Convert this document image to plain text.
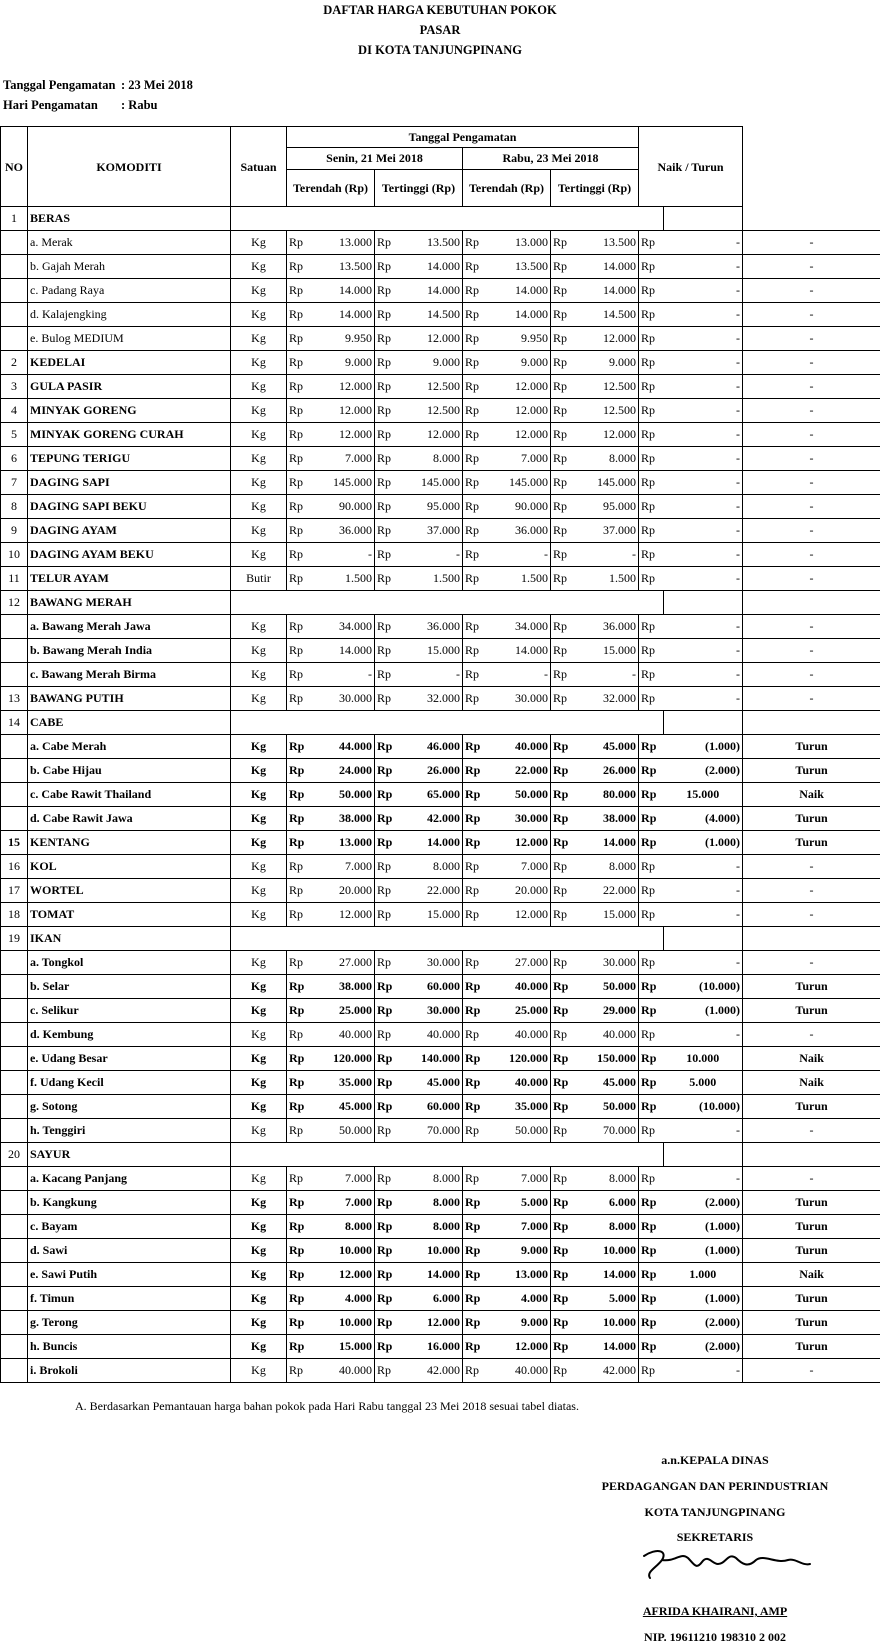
DAFTAR HARGA KEBUTUHAN POKOK
PASAR
DI KOTA TANJUNGPINANG
Tanggal Pengamatan : 23 Mei 2018
Hari Pengamatan : Rabu
NO	KOMODITI	Satuan	Tanggal Pengamatan								Naik / Turun	
			Senin, 21 Mei 2018				Rabu, 23 Mei 2018						
			Terendah (Rp)		Tertinggi (Rp)		Terendah (Rp)		Tertinggi (Rp)				
1	BERAS												
	a. Merak	Kg	Rp	13.000	Rp	13.500	Rp	13.000	Rp	13.500	Rp	-	-
	b. Gajah Merah	Kg	Rp	13.500	Rp	14.000	Rp	13.500	Rp	14.000	Rp	-	-
	c. Padang Raya	Kg	Rp	14.000	Rp	14.000	Rp	14.000	Rp	14.000	Rp	-	-
	d. Kalajengking	Kg	Rp	14.000	Rp	14.500	Rp	14.000	Rp	14.500	Rp	-	-
	e. Bulog MEDIUM	Kg	Rp	9.950	Rp	12.000	Rp	9.950	Rp	12.000	Rp	-	-
2	KEDELAI	Kg	Rp	9.000	Rp	9.000	Rp	9.000	Rp	9.000	Rp	-	-
3	GULA PASIR	Kg	Rp	12.000	Rp	12.500	Rp	12.000	Rp	12.500	Rp	-	-
4	MINYAK GORENG	Kg	Rp	12.000	Rp	12.500	Rp	12.000	Rp	12.500	Rp	-	-
5	MINYAK GORENG CURAH	Kg	Rp	12.000	Rp	12.000	Rp	12.000	Rp	12.000	Rp	-	-
6	TEPUNG TERIGU	Kg	Rp	7.000	Rp	8.000	Rp	7.000	Rp	8.000	Rp	-	-
7	DAGING SAPI	Kg	Rp	145.000	Rp	145.000	Rp	145.000	Rp	145.000	Rp	-	-
8	DAGING SAPI BEKU	Kg	Rp	90.000	Rp	95.000	Rp	90.000	Rp	95.000	Rp	-	-
9	DAGING AYAM	Kg	Rp	36.000	Rp	37.000	Rp	36.000	Rp	37.000	Rp	-	-
10	DAGING AYAM BEKU	Kg	Rp	-	Rp	-	Rp	-	Rp	-	Rp	-	-
11	TELUR AYAM	Butir	Rp	1.500	Rp	1.500	Rp	1.500	Rp	1.500	Rp	-	-
12	BAWANG MERAH												
	a. Bawang Merah Jawa	Kg	Rp	34.000	Rp	36.000	Rp	34.000	Rp	36.000	Rp	-	-
	b. Bawang Merah India	Kg	Rp	14.000	Rp	15.000	Rp	14.000	Rp	15.000	Rp	-	-
	c. Bawang Merah Birma	Kg	Rp	-	Rp	-	Rp	-	Rp	-	Rp	-	-
13	BAWANG PUTIH	Kg	Rp	30.000	Rp	32.000	Rp	30.000	Rp	32.000	Rp	-	-
14	CABE												
	a. Cabe Merah	Kg	Rp	44.000	Rp	46.000	Rp	40.000	Rp	45.000	Rp	(1.000)	Turun
	b. Cabe Hijau	Kg	Rp	24.000	Rp	26.000	Rp	22.000	Rp	26.000	Rp	(2.000)	Turun
	c. Cabe Rawit Thailand	Kg	Rp	50.000	Rp	65.000	Rp	50.000	Rp	80.000	Rp	15.000	Naik
	d. Cabe Rawit Jawa	Kg	Rp	38.000	Rp	42.000	Rp	30.000	Rp	38.000	Rp	(4.000)	Turun
15	KENTANG	Kg	Rp	13.000	Rp	14.000	Rp	12.000	Rp	14.000	Rp	(1.000)	Turun
16	KOL	Kg	Rp	7.000	Rp	8.000	Rp	7.000	Rp	8.000	Rp	-	-
17	WORTEL	Kg	Rp	20.000	Rp	22.000	Rp	20.000	Rp	22.000	Rp	-	-
18	TOMAT	Kg	Rp	12.000	Rp	15.000	Rp	12.000	Rp	15.000	Rp	-	-
19	IKAN												
	a. Tongkol	Kg	Rp	27.000	Rp	30.000	Rp	27.000	Rp	30.000	Rp	-	-
	b. Selar	Kg	Rp	38.000	Rp	60.000	Rp	40.000	Rp	50.000	Rp	(10.000)	Turun
	c. Selikur	Kg	Rp	25.000	Rp	30.000	Rp	25.000	Rp	29.000	Rp	(1.000)	Turun
	d. Kembung	Kg	Rp	40.000	Rp	40.000	Rp	40.000	Rp	40.000	Rp	-	-
	e. Udang Besar	Kg	Rp	120.000	Rp	140.000	Rp	120.000	Rp	150.000	Rp	10.000	Naik
	f. Udang Kecil	Kg	Rp	35.000	Rp	45.000	Rp	40.000	Rp	45.000	Rp	5.000	Naik
	g. Sotong	Kg	Rp	45.000	Rp	60.000	Rp	35.000	Rp	50.000	Rp	(10.000)	Turun
	h. Tenggiri	Kg	Rp	50.000	Rp	70.000	Rp	50.000	Rp	70.000	Rp	-	-
20	SAYUR												
	a. Kacang Panjang	Kg	Rp	7.000	Rp	8.000	Rp	7.000	Rp	8.000	Rp	-	-
	b. Kangkung	Kg	Rp	7.000	Rp	8.000	Rp	5.000	Rp	6.000	Rp	(2.000)	Turun
	c. Bayam	Kg	Rp	8.000	Rp	8.000	Rp	7.000	Rp	8.000	Rp	(1.000)	Turun
	d. Sawi	Kg	Rp	10.000	Rp	10.000	Rp	9.000	Rp	10.000	Rp	(1.000)	Turun
	e. Sawi Putih	Kg	Rp	12.000	Rp	14.000	Rp	13.000	Rp	14.000	Rp	1.000	Naik
	f. Timun	Kg	Rp	4.000	Rp	6.000	Rp	4.000	Rp	5.000	Rp	(1.000)	Turun
	g. Terong	Kg	Rp	10.000	Rp	12.000	Rp	9.000	Rp	10.000	Rp	(2.000)	Turun
	h. Buncis	Kg	Rp	15.000	Rp	16.000	Rp	12.000	Rp	14.000	Rp	(2.000)	Turun
	i. Brokoli	Kg	Rp	40.000	Rp	42.000	Rp	40.000	Rp	42.000	Rp	-	-
A. Berdasarkan Pemantauan harga bahan pokok pada Hari Rabu tanggal 23 Mei 2018 sesuai tabel diatas.
a.n.KEPALA DINAS
PERDAGANGAN DAN PERINDUSTRIAN
KOTA TANJUNGPINANG
SEKRETARIS
AFRIDA KHAIRANI, AMP
NIP. 19611210 198310 2 002
